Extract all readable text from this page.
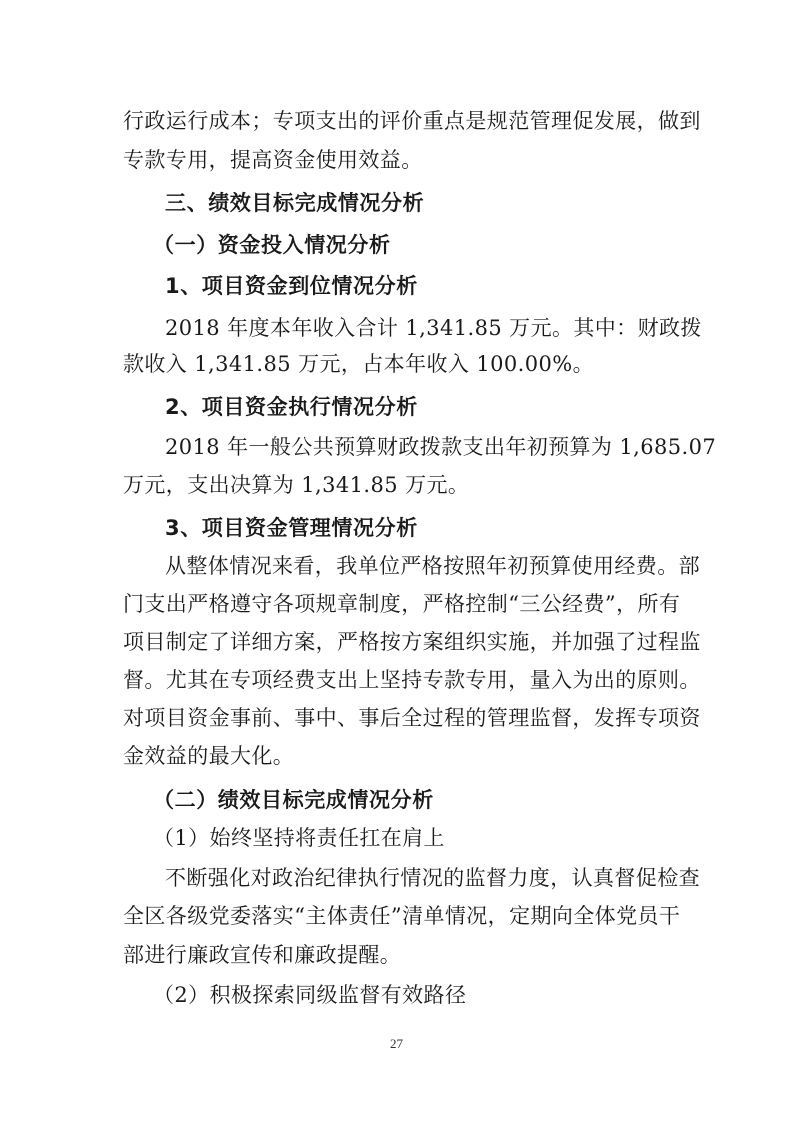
行政运行成本；专项支出的评价重点是规范管理促发展，做到
专款专用，提高资金使用效益。
三、绩效目标完成情况分析
（一）资金投入情况分析
1、项目资金到位情况分析
2018 年度本年收入合计 1,341.85 万元。其中：财政拨
款收入 1,341.85 万元，占本年收入 100.00%。
2、项目资金执行情况分析
2018 年一般公共预算财政拨款支出年初预算为 1,685.07
万元，支出决算为 1,341.85 万元。
3、项目资金管理情况分析
从整体情况来看，我单位严格按照年初预算使用经费。部
门支出严格遵守各项规章制度，严格控制“三公经费”，所有
项目制定了详细方案，严格按方案组织实施，并加强了过程监
督。尤其在专项经费支出上坚持专款专用，量入为出的原则。
对项目资金事前、事中、事后全过程的管理监督，发挥专项资
金效益的最大化。
（二）绩效目标完成情况分析
（1）始终坚持将责任扛在肩上
不断强化对政治纪律执行情况的监督力度，认真督促检查
全区各级党委落实“主体责任”清单情况，定期向全体党员干
部进行廉政宣传和廉政提醒。
（2）积极探索同级监督有效路径
27
